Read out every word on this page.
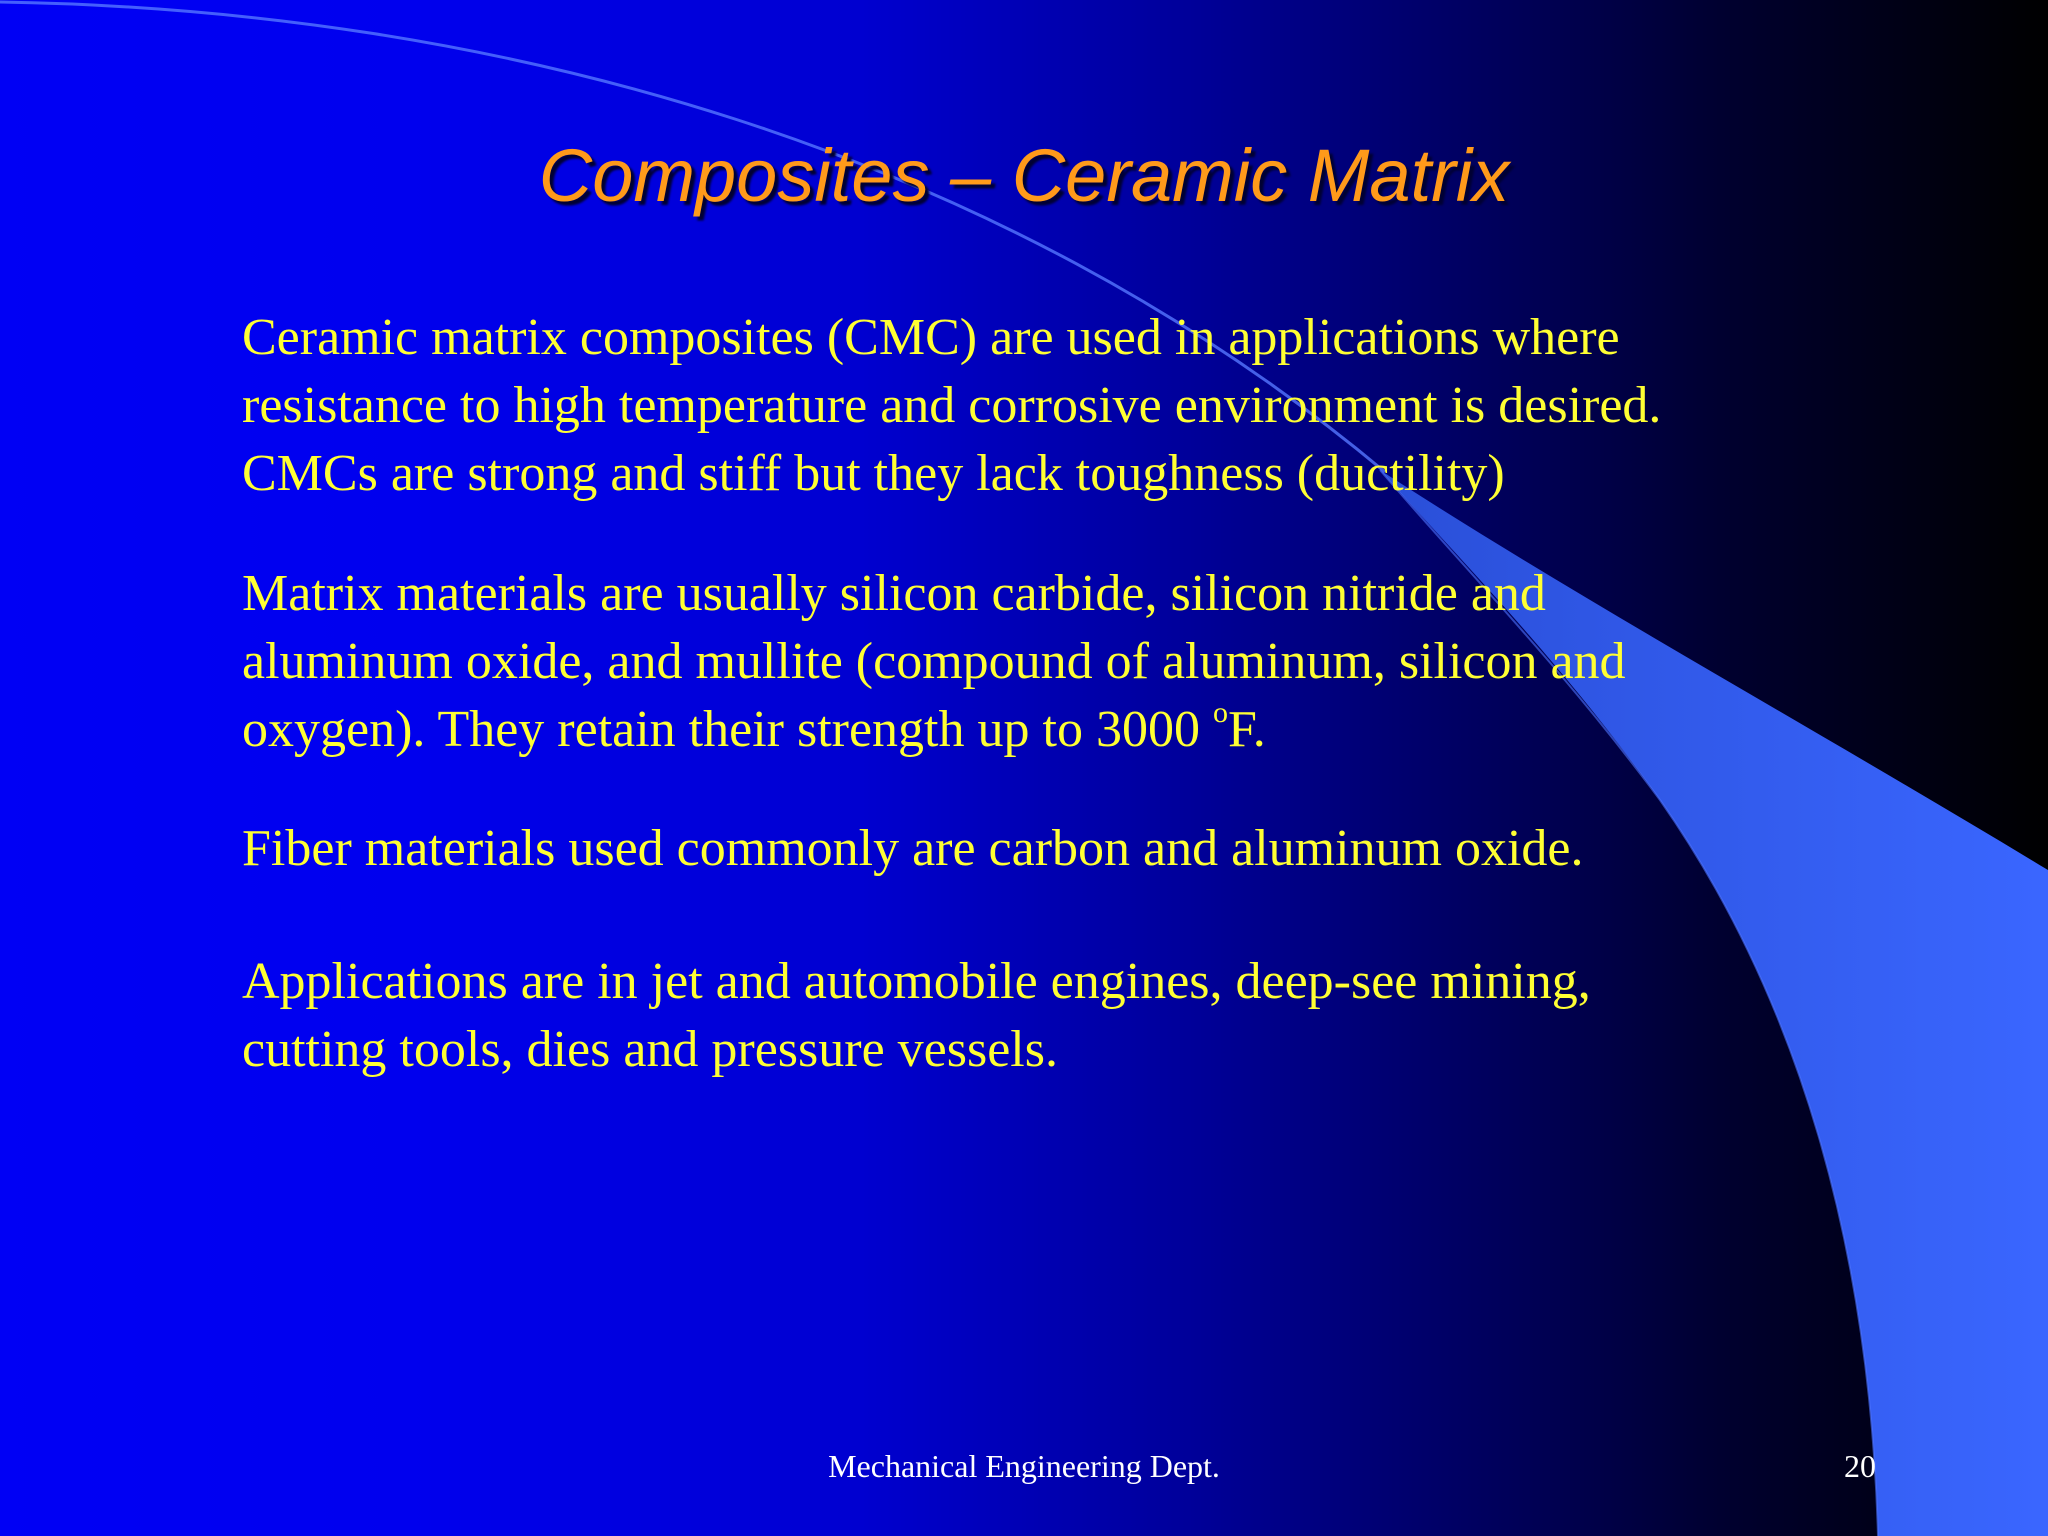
Composites – Ceramic Matrix

Ceramic matrix composites (CMC) are used in applications where
resistance to high temperature and corrosive environment is desired.
CMCs are strong and stiff but they lack toughness (ductility)

Matrix materials are usually silicon carbide, silicon nitride and
aluminum oxide, and mullite (compound of aluminum, silicon and
oxygen). They retain their strength up to 3000 $^o$F.

Fiber materials used commonly are carbon and aluminum oxide.

Applications are in jet and automobile engines, deep-see mining,
cutting tools, dies and pressure vessels.

Mechanical Engineering Dept.	20
